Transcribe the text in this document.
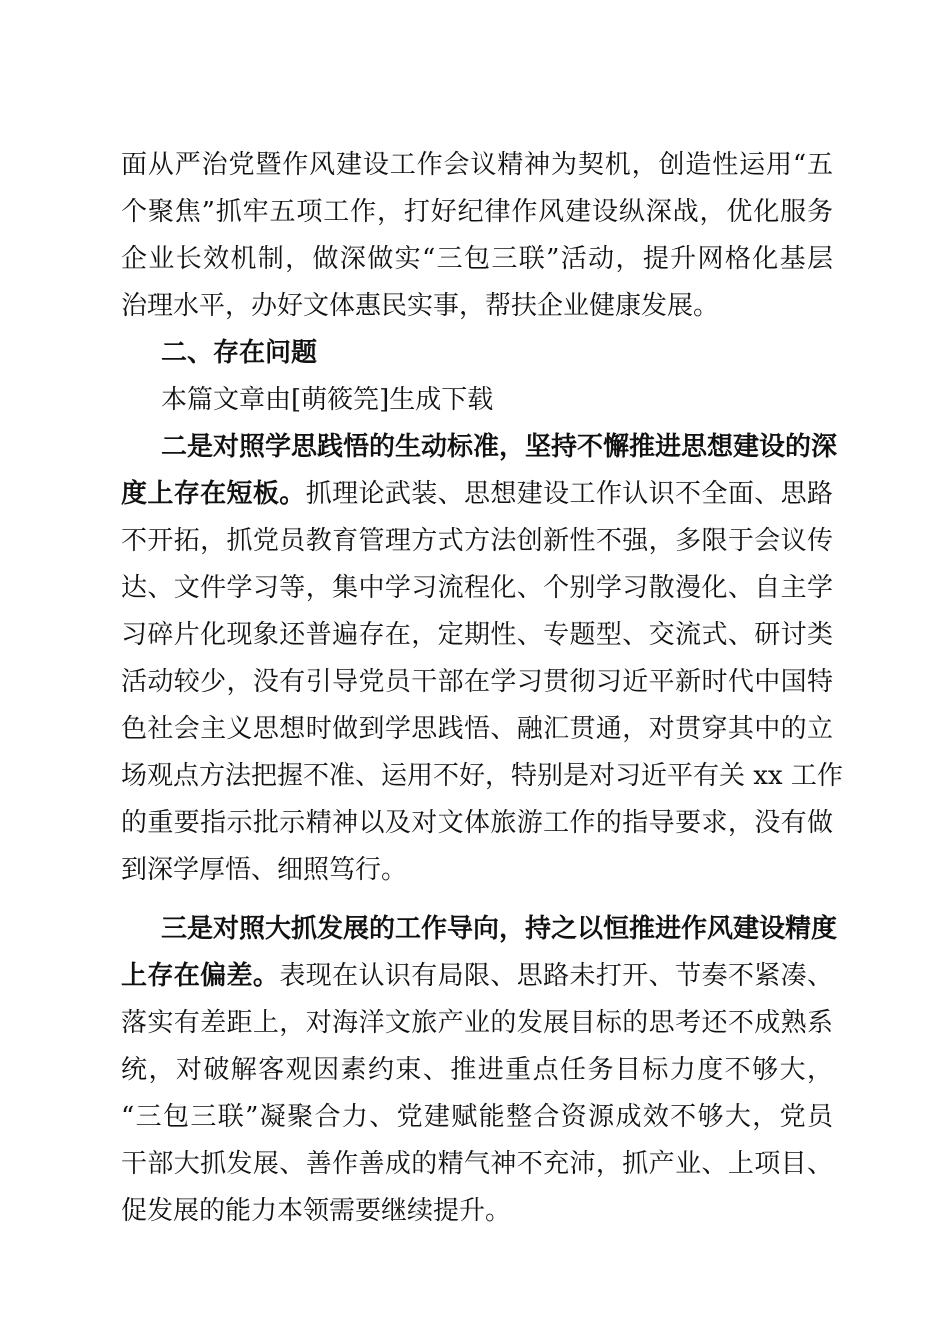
面从严治党暨作风建设工作会议精神为契机，创造性运用“五
个聚焦”抓牢五项工作，打好纪律作风建设纵深战，优化服务
企业长效机制，做深做实“三包三联”活动，提升网格化基层
治理水平，办好文体惠民实事，帮扶企业健康发展。
二、存在问题
本篇文章由[萌筱笎]生成下载
二是对照学思践悟的生动标准，坚持不懈推进思想建设的深
度上存在短板。抓理论武装、思想建设工作认识不全面、思路
不开拓，抓党员教育管理方式方法创新性不强，多限于会议传
达、文件学习等，集中学习流程化、个别学习散漫化、自主学
习碎片化现象还普遍存在，定期性、专题型、交流式、研讨类
活动较少，没有引导党员干部在学习贯彻习近平新时代中国特
色社会主义思想时做到学思践悟、融汇贯通，对贯穿其中的立
场观点方法把握不准、运用不好，特别是对习近平有关 xx 工作
的重要指示批示精神以及对文体旅游工作的指导要求，没有做
到深学厚悟、细照笃行。
三是对照大抓发展的工作导向，持之以恒推进作风建设精度
上存在偏差。表现在认识有局限、思路未打开、节奏不紧凑、
落实有差距上，对海洋文旅产业的发展目标的思考还不成熟系
统，对破解客观因素约束、推进重点任务目标力度不够大，
“三包三联”凝聚合力、党建赋能整合资源成效不够大，党员
干部大抓发展、善作善成的精气神不充沛，抓产业、上项目、
促发展的能力本领需要继续提升。
